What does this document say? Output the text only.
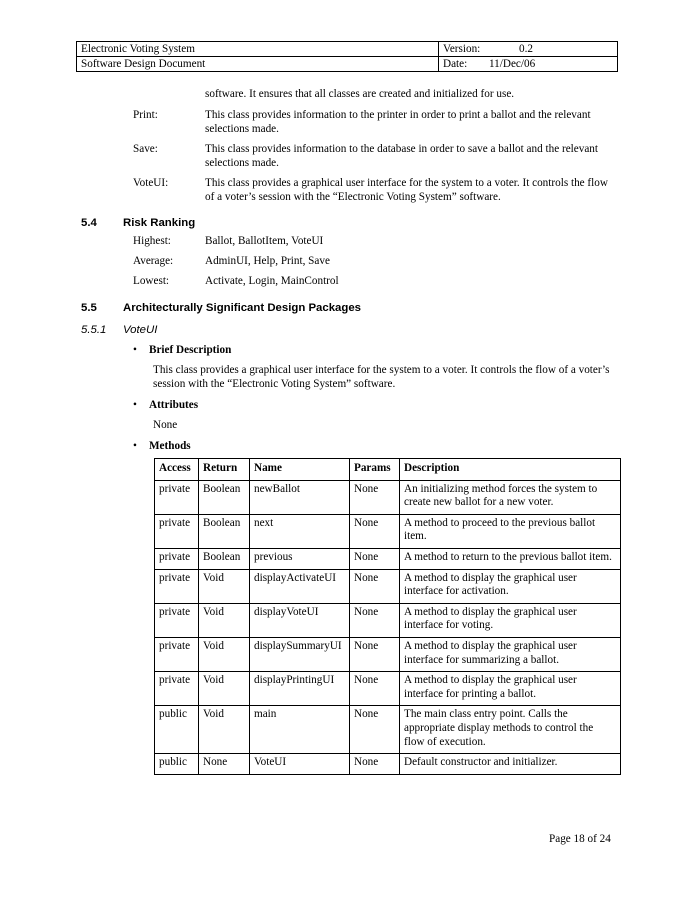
Electronic Voting System	Version: 0.2

Software Design Document	Date: 11/Dec/06
software. It ensures that all classes are created and initialized for use.
Print:	This class provides information to the printer in order to print a ballot and the relevant selections made.
Save:	This class provides information to the database in order to save a ballot and the relevant selections made.
VoteUI:	This class provides a graphical user interface for the system to a voter. It controls the flow of a voter’s session with the “Electronic Voting System” software.
5.4 Risk Ranking
Highest:	Ballot, BallotItem, VoteUI
Average:	AdminUI, Help, Print, Save
Lowest:	Activate, Login, MainControl
5.5 Architecturally Significant Design Packages
5.5.1 VoteUI
• Brief Description
This class provides a graphical user interface for the system to a voter. It controls the flow of a voter’s session with the “Electronic Voting System” software.
• Attributes
None
• Methods
Access	Return	Name	Params	Description
private	Boolean	newBallot	None	An initializing method forces the system to create new ballot for a new voter.
private	Boolean	next	None	A method to proceed to the previous ballot item.
private	Boolean	previous	None	A method to return to the previous ballot item.
private	Void	displayActivateUI	None	A method to display the graphical user interface for activation.
private	Void	displayVoteUI	None	A method to display the graphical user interface for voting.
private	Void	displaySummaryUI	None	A method to display the graphical user interface for summarizing a ballot.
private	Void	displayPrintingUI	None	A method to display the graphical user interface for printing a ballot.
public	Void	main	None	The main class entry point. Calls the appropriate display methods to control the flow of execution.
public	None	VoteUI	None	Default constructor and initializer.
Page 18 of 24
